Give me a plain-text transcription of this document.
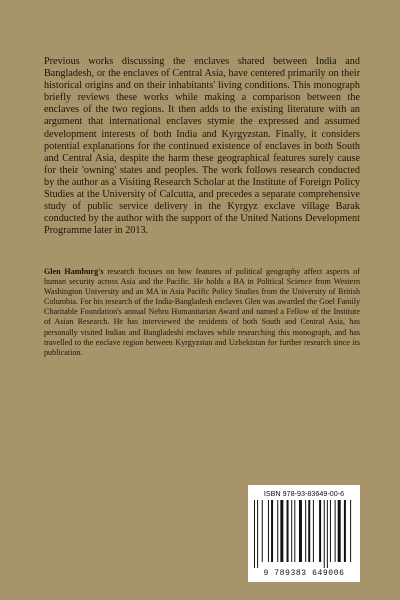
Previous works discussing the enclaves shared between India and Bangladesh, or the enclaves of Central Asia, have centered primarily on their historical origins and on their inhabitants' living conditions. This monograph briefly reviews these works while making a comparison between the enclaves of the two regions. It then adds to the existing literature with an argument that international enclaves stymie the expressed and assumed development interests of both India and Kyrgyzstan. Finally, it considers potential explanations for the continued existence of enclaves in both South and Central Asia, despite the harm these geographical features surely cause for their 'owning' states and peoples. The work follows research conducted by the author as a Visiting Research Scholar at the Institute of Foreign Policy Studies at the University of Calcutta, and precedes a separate comprehensive study of public service delivery in the Kyrgyz exclave village Barak conducted by the author with the support of the United Nations Development Programme later in 2013.

Glen Hamburg's research focuses on how features of political geography affect aspects of human security across Asia and the Pacific. He holds a BA in Political Science from Western Washington University and an MA in Asia Pacific Policy Studies from the University of British Columbia. For his research of the India-Bangladesh enclaves Glen was awarded the Goel Family Charitable Foundation's annual Nehru Humanitarian Award and named a Fellow of the Institute of Asian Research. He has interviewed the residents of both South and Central Asia, has personally visited Indian and Bangladeshi enclaves while researching this monograph, and has travelled to the enclave region between Kyrgyzstan and Uzbekistan for further research since its publication.

ISBN 978-93-83649-00-6
9 789383 649006
